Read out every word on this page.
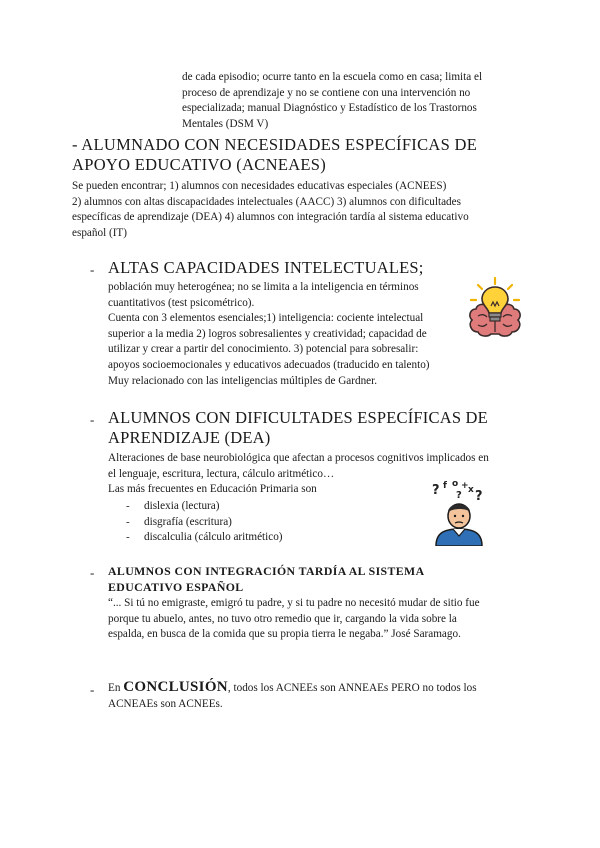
de cada episodio; ocurre tanto en la escuela como en casa; limita el
proceso de aprendizaje y no se contiene con una intervención no
especializada; manual Diagnóstico y Estadístico de los Trastornos
Mentales (DSM V)
- ALUMNADO CON NECESIDADES ESPECÍFICAS DE
APOYO EDUCATIVO (ACNEAES)
Se pueden encontrar; 1) alumnos con necesidades educativas especiales (ACNEES)
2) alumnos con altas discapacidades intelectuales (AACC) 3) alumnos con dificultades
específicas de aprendizaje (DEA) 4) alumnos con integración tardía al sistema educativo
español (IT)
- ALTAS CAPACIDADES INTELECTUALES;
población muy heterogénea; no se limita a la inteligencia en términos
cuantitativos (test psicométrico).
Cuenta con 3 elementos esenciales;1) inteligencia: cociente intelectual
superior a la media 2) logros sobresalientes y creatividad; capacidad de
utilizar y crear a partir del conocimiento. 3) potencial para sobresalir:
apoyos socioemocionales y educativos adecuados (traducido en talento)
Muy relacionado con las inteligencias múltiples de Gardner.
- ALUMNOS CON DIFICULTADES ESPECÍFICAS DE
APRENDIZAJE (DEA)
Alteraciones de base neurobiológica que afectan a procesos cognitivos implicados en
el lenguaje, escritura, lectura, cálculo aritmético…
Las más frecuentes en Educación Primaria son
-	dislexia (lectura)
-	disgrafía (escritura)
-	discalculia (cálculo aritmético)
? f o + x ?
?
- ALUMNOS CON INTEGRACIÓN TARDÍA AL SISTEMA
EDUCATIVO ESPAÑOL
“... Si tú no emigraste, emigró tu padre, y si tu padre no necesitó mudar de sitio fue
porque tu abuelo, antes, no tuvo otro remedio que ir, cargando la vida sobre la
espalda, en busca de la comida que su propia tierra le negaba.” José Saramago.
- En CONCLUSIÓN, todos los ACNEEs son ANNEAEs PERO no todos los
ACNEAEs son ACNEEs.
